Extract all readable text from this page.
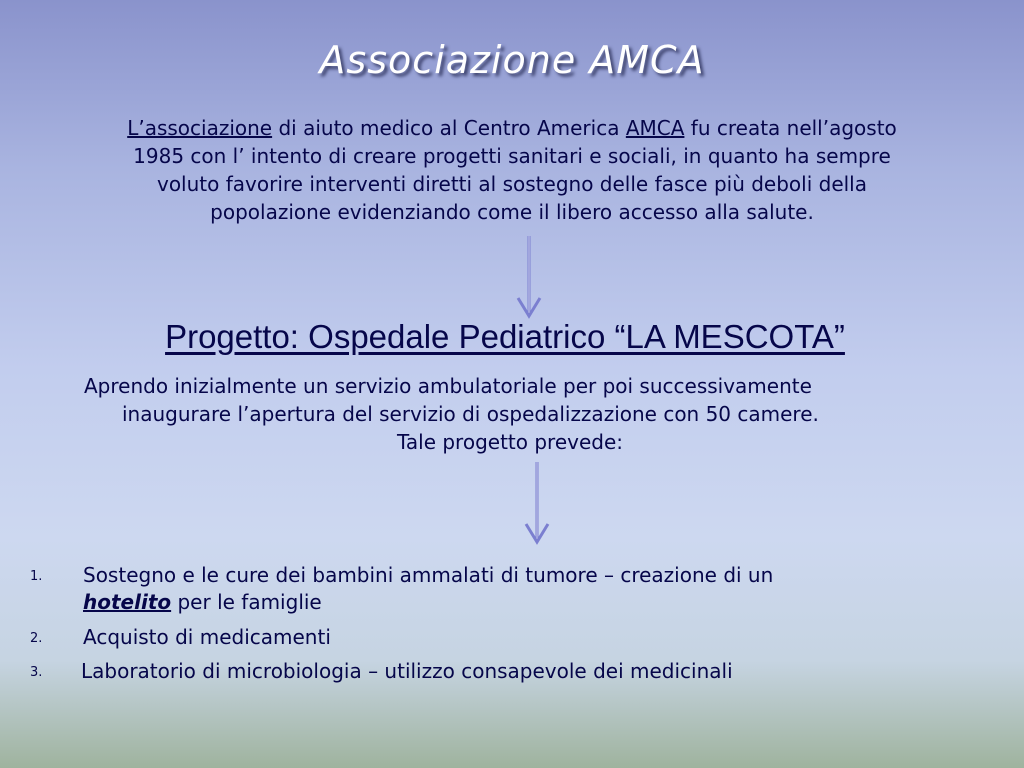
Associazione AMCA
L’associazione di aiuto medico al Centro America AMCA fu creata nell’agosto
1985 con l’ intento di creare progetti sanitari e sociali, in quanto ha sempre
voluto favorire interventi diretti al sostegno delle fasce più deboli della
popolazione evidenziando come il libero accesso alla salute.
Progetto: Ospedale Pediatrico “LA MESCOTA”
Aprendo inizialmente un servizio ambulatoriale per poi successivamente
inaugurare l’apertura del servizio di ospedalizzazione con 50 camere.
Tale progetto prevede:
1. Sostegno e le cure dei bambini ammalati di tumore – creazione di un
hotelito per le famiglie
2. Acquisto di medicamenti
3. Laboratorio di microbiologia – utilizzo consapevole dei medicinali
